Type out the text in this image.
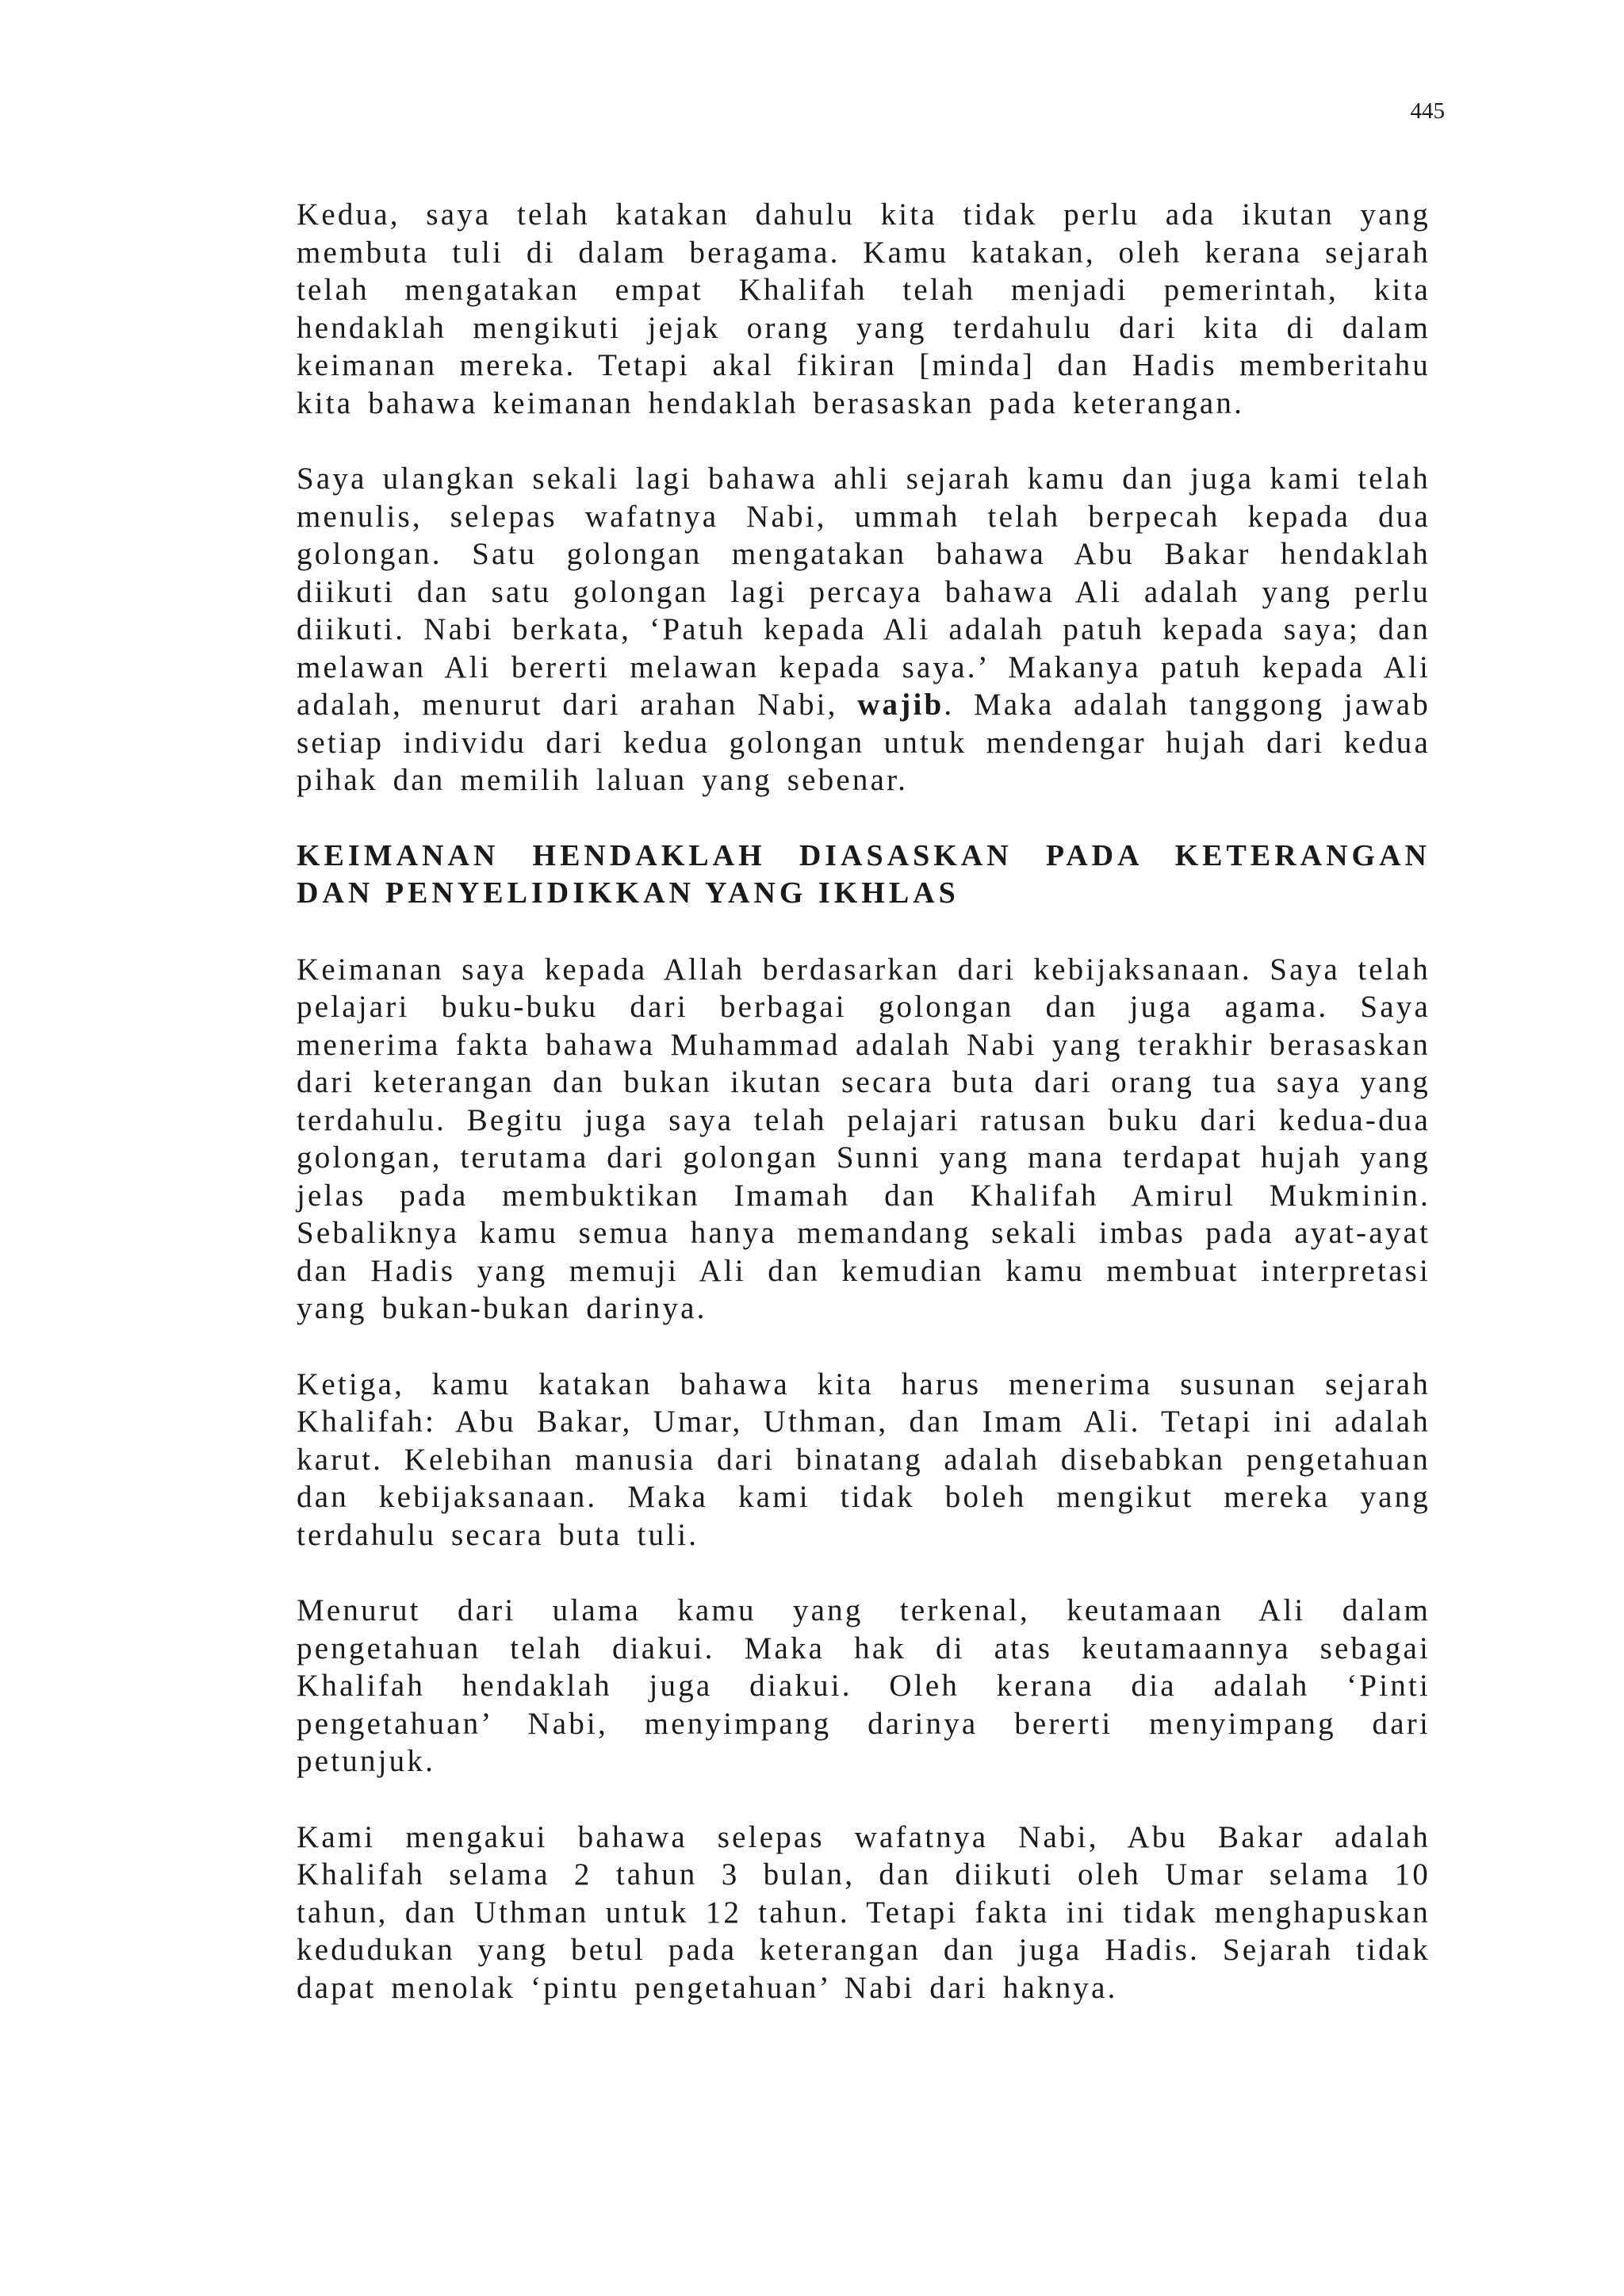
445

Kedua, saya telah katakan dahulu kita tidak perlu ada ikutan yang membuta tuli di dalam beragama. Kamu katakan, oleh kerana sejarah telah mengatakan empat Khalifah telah menjadi pemerintah, kita hendaklah mengikuti jejak orang yang terdahulu dari kita di dalam keimanan mereka. Tetapi akal fikiran [minda] dan Hadis memberitahu kita bahawa keimanan hendaklah berasaskan pada keterangan.

Saya ulangkan sekali lagi bahawa ahli sejarah kamu dan juga kami telah menulis, selepas wafatnya Nabi, ummah telah berpecah kepada dua golongan. Satu golongan mengatakan bahawa Abu Bakar hendaklah diikuti dan satu golongan lagi percaya bahawa Ali adalah yang perlu diikuti. Nabi berkata, ‘Patuh kepada Ali adalah patuh kepada saya; dan melawan Ali bererti melawan kepada saya.’ Makanya patuh kepada Ali adalah, menurut dari arahan Nabi, wajib. Maka adalah tanggong jawab setiap individu dari kedua golongan untuk mendengar hujah dari kedua pihak dan memilih laluan yang sebenar.

KEIMANAN HENDAKLAH DIASASKAN PADA KETERANGAN DAN PENYELIDIKKAN YANG IKHLAS

Keimanan saya kepada Allah berdasarkan dari kebijaksanaan. Saya telah pelajari buku-buku dari berbagai golongan dan juga agama. Saya menerima fakta bahawa Muhammad adalah Nabi yang terakhir berasaskan dari keterangan dan bukan ikutan secara buta dari orang tua saya yang terdahulu. Begitu juga saya telah pelajari ratusan buku dari kedua-dua golongan, terutama dari golongan Sunni yang mana terdapat hujah yang jelas pada membuktikan Imamah dan Khalifah Amirul Mukminin. Sebaliknya kamu semua hanya memandang sekali imbas pada ayat-ayat dan Hadis yang memuji Ali dan kemudian kamu membuat interpretasi yang bukan-bukan darinya.

Ketiga, kamu katakan bahawa kita harus menerima susunan sejarah Khalifah: Abu Bakar, Umar, Uthman, dan Imam Ali. Tetapi ini adalah karut. Kelebihan manusia dari binatang adalah disebabkan pengetahuan dan kebijaksanaan. Maka kami tidak boleh mengikut mereka yang terdahulu secara buta tuli.

Menurut dari ulama kamu yang terkenal, keutamaan Ali dalam pengetahuan telah diakui. Maka hak di atas keutamaannya sebagai Khalifah hendaklah juga diakui. Oleh kerana dia adalah ‘Pinti pengetahuan’ Nabi, menyimpang darinya bererti menyimpang dari petunjuk.

Kami mengakui bahawa selepas wafatnya Nabi, Abu Bakar adalah Khalifah selama 2 tahun 3 bulan, dan diikuti oleh Umar selama 10 tahun, dan Uthman untuk 12 tahun. Tetapi fakta ini tidak menghapuskan kedudukan yang betul pada keterangan dan juga Hadis. Sejarah tidak dapat menolak ‘pintu pengetahuan’ Nabi dari haknya.
